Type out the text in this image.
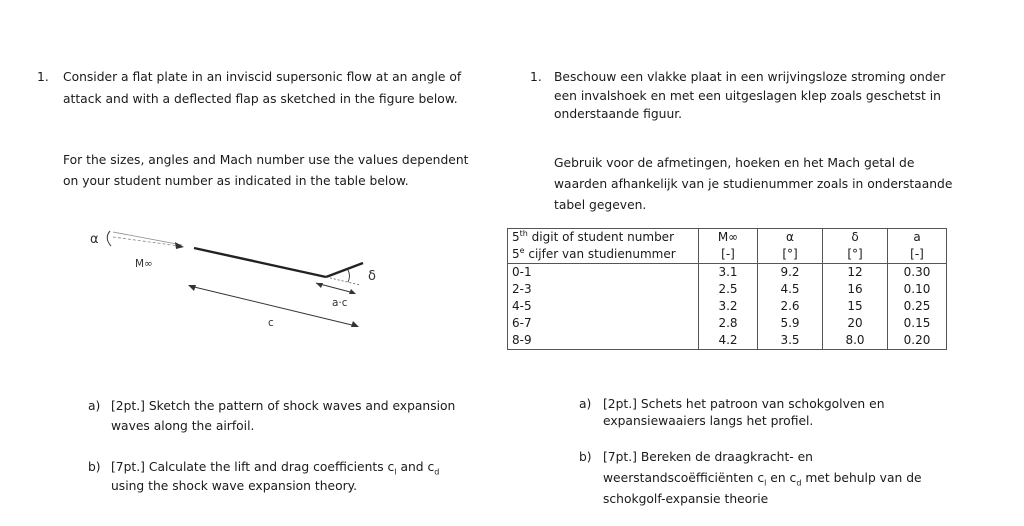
1. Consider a flat plate in an inviscid supersonic flow at an angle of
attack and with a deflected flap as sketched in the figure below.
For the sizes, angles and Mach number use the values dependent
on your student number as indicated in the table below.
α
M∞
δ
a·c
c
a) [2pt.] Sketch the pattern of shock waves and expansion
waves along the airfoil.
b) [7pt.] Calculate the lift and drag coefficients $c_l$ and $c_d$
using the shock wave expansion theory.
1. Beschouw een vlakke plaat in een wrijvingsloze stroming onder
een invalshoek en met een uitgeslagen klep zoals geschetst in
onderstaande figuur.
Gebruik voor de afmetingen, hoeken en het Mach getal de
waarden afhankelijk van je studienummer zoals in onderstaande
tabel gegeven.
5th digit of student number	M∞	α	δ	a
5e cijfer van studienummer	[-]	[°]	[°]	[-]
0-1	3.1	9.2	12	0.30
2-3	2.5	4.5	16	0.10
4-5	3.2	2.6	15	0.25
6-7	2.8	5.9	20	0.15
8-9	4.2	3.5	8.0	0.20
a) [2pt.] Schets het patroon van schokgolven en
expansiewaaiers langs het profiel.
b) [7pt.] Bereken de draagkracht- en
weerstandscoëfficiënten $c_l$ en $c_d$ met behulp van de
schokgolf-expansie theorie
